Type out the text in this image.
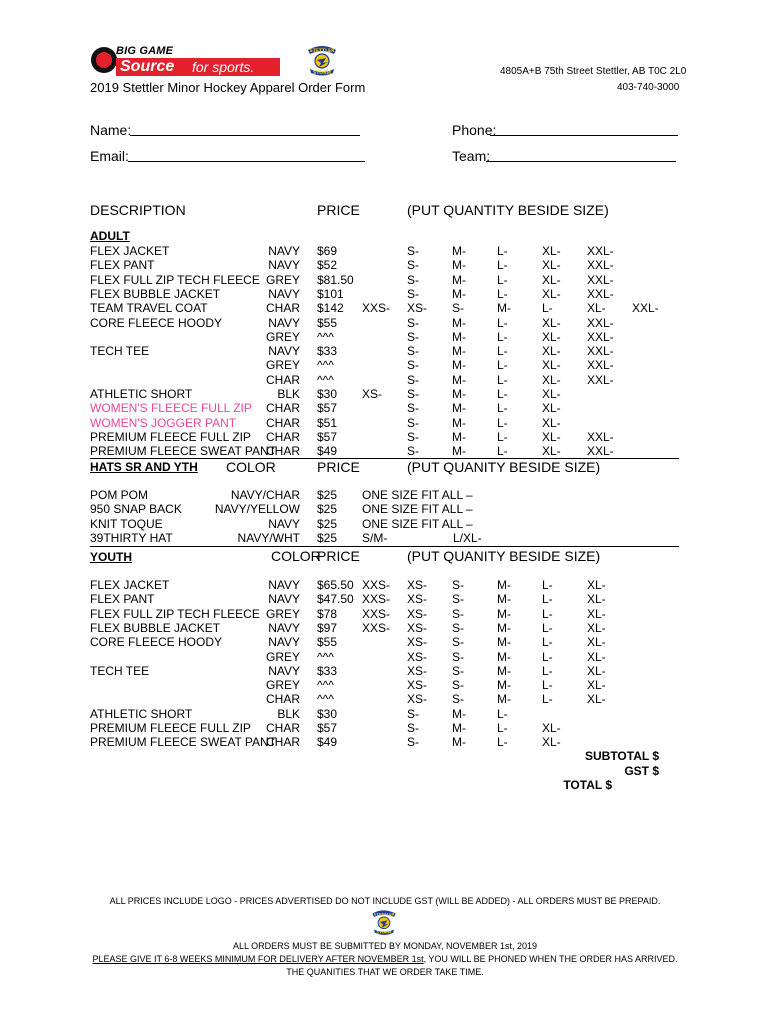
BIG GAME
Source for sports.
STETTLER
STORM	4805A+B 75th Street Stettler, AB T0C 2L0
403-740-3000
2019 Stettler Minor Hockey Apparel Order Form
Name:	Phone:
Email:	Team:
DESCRIPTION	PRICE	(PUT QUANTITY BESIDE SIZE)
ADULT
FLEX JACKET	NAVY $69	S-	M-	L-	XL- XXL-
FLEX PANT	NAVY $52	S-	M-	L-	XL- XXL-
FLEX FULL ZIP TECH FLEECE GREY $81.50	S-	M-	L-	XL- XXL-
FLEX BUBBLE JACKET	NAVY $101	S-	M-	L-	XL- XXL-
TEAM TRAVEL COAT	CHAR $142 XXS- XS- S-	M-	L-	XL- XXL-
CORE FLEECE HOODY	NAVY $55	S-	M-	L-	XL- XXL-
GREY ^^^	S-	M-	L-	XL- XXL-
TECH TEE	NAVY $33	S-	M-	L-	XL- XXL-
GREY ^^^	S-	M-	L-	XL- XXL-
CHAR ^^^	S-	M-	L-	XL- XXL-
ATHLETIC SHORT	BLK $30 XS- S-	M-	L-	XL-
WOMEN'S FLEECE FULL ZIP CHAR $57	S-	M-	L-	XL-
WOMEN'S JOGGER PANT CHAR $51	S-	M-	L-	XL-
PREMIUM FLEECE FULL ZIP CHAR $57	S-	M-	L-	XL- XXL-
PREMIUM FLEECE SWEAT PANT
CHAR $49	S-	M-	L-	XL- XXL-
HATS SR AND YTH COLOR	PRICE	(PUT QUANITY BESIDE SIZE)
POM POM	NAVY/CHAR $25 ONE SIZE FIT ALL –
950 SNAP BACK	NAVY/YELLOW $25 ONE SIZE FIT ALL –
KNIT TOQUE	NAVY $25 ONE SIZE FIT ALL –
39THIRTY HAT	NAVY/WHT $25 S/M-	L/XL-
YOUTH	COLOR
PRICE	(PUT QUANITY BESIDE SIZE)
FLEX JACKET	NAVY $65.50 XXS- XS- S-	M-	L-	XL-
FLEX PANT	NAVY $47.50 XXS- XS- S-	M-	L-	XL-
FLEX FULL ZIP TECH FLEECE GREY $78 XXS- XS- S-	M-	L-	XL-
FLEX BUBBLE JACKET	NAVY $97 XXS- XS- S-	M-	L-	XL-
CORE FLEECE HOODY	NAVY $55	XS- S-	M-	L-	XL-
GREY ^^^	XS- S-	M-	L-	XL-
TECH TEE	NAVY $33	XS- S-	M-	L-	XL-
GREY ^^^	XS- S-	M-	L-	XL-
CHAR ^^^	XS- S-	M-	L-	XL-
ATHLETIC SHORT	BLK $30	S-	M-	L-
PREMIUM FLEECE FULL ZIP CHAR $57	S-	M-	L-	XL-
PREMIUM FLEECE SWEAT PANT
CHAR $49	S-	M-	L-	XL-
SUBTOTAL $
GST $
TOTAL $
ALL PRICES INCLUDE LOGO - PRICES ADVERTISED DO NOT INCLUDE GST (WILL BE ADDED) - ALL ORDERS MUST BE PREPAID.
STETTLER
STORM
ALL ORDERS MUST BE SUBMITTED BY MONDAY, NOVEMBER 1st, 2019
PLEASE GIVE IT 6-8 WEEKS MINIMUM FOR DELIVERY AFTER NOVEMBER 1st, YOU WILL BE PHONED WHEN THE ORDER HAS ARRIVED.
THE QUANITIES THAT WE ORDER TAKE TIME.
